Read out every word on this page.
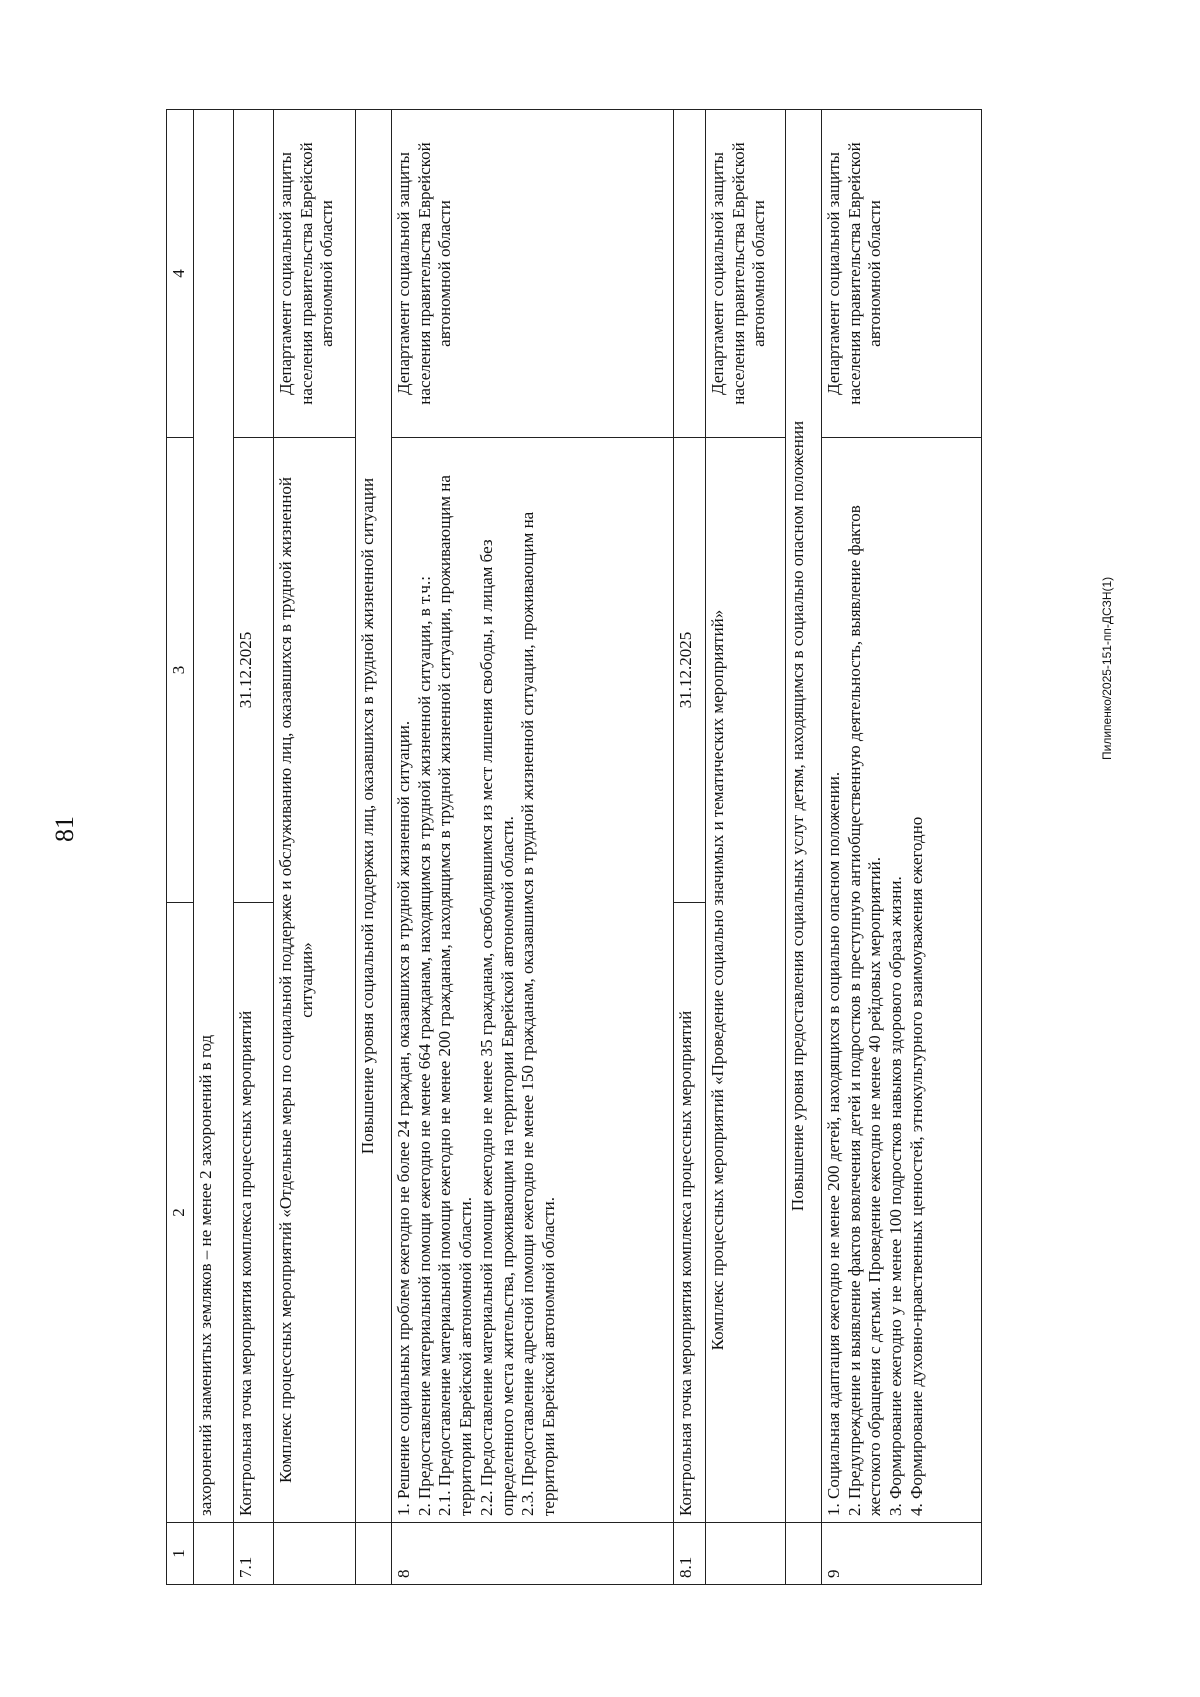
81
Пилипенко/2025-151-пп-ДСЗН(1)
1	2	3	4
	захоронений знаменитых земляков – не менее 2 захоронений в год		
7.1	Контрольная точка мероприятия комплекса процессных мероприятий	31.12.2025	
	Комплекс процессных мероприятий «Отдельные меры по социальной поддержке и обслуживанию лиц, оказавшихся в трудной жизненной ситуации»		Департамент социальной защиты населения правительства Еврейской автономной области
	Повышение уровня социальной поддержки лиц, оказавшихся в трудной жизненной ситуации		
8	1. Решение социальных проблем ежегодно не более 24 граждан, оказавшихся в трудной жизненной ситуации.
2. Предоставление материальной помощи ежегодно не менее 664 гражданам, находящимся в трудной жизненной ситуации, в т.ч.:
2.1. Предоставление материальной помощи ежегодно не менее 200 гражданам, находящимся в трудной жизненной ситуации, проживающим на территории Еврейской автономной области.
2.2. Предоставление материальной помощи ежегодно не менее 35 гражданам, освободившимся из мест лишения свободы, и лицам без определенного места жительства, проживающим на территории Еврейской автономной области.
2.3. Предоставление адресной помощи ежегодно не менее 150 гражданам, оказавшимся в трудной жизненной ситуации, проживающим на территории Еврейской автономной области.		Департамент социальной защиты населения правительства Еврейской автономной области
8.1	Контрольная точка мероприятия комплекса процессных мероприятий	31.12.2025	
	Комплекс процессных мероприятий «Проведение социально значимых и тематических мероприятий»		Департамент социальной защиты населения правительства Еврейской автономной области
	Повышение уровня предоставления социальных услуг детям, находящимся в социально опасном положении		
9	1. Социальная адаптация ежегодно не менее 200 детей, находящихся в социально опасном положении.
2. Предупреждение и выявление фактов вовлечения детей и подростков в преступную антиобщественную деятельность, выявление фактов жестокого обращения с детьми. Проведение ежегодно не менее 40 рейдовых мероприятий.
3. Формирование ежегодно у не менее 100 подростков навыков здорового образа жизни.
4. Формирование духовно-нравственных ценностей, этнокультурного взаимоуважения ежегодно		Департамент социальной защиты населения правительства Еврейской автономной области
